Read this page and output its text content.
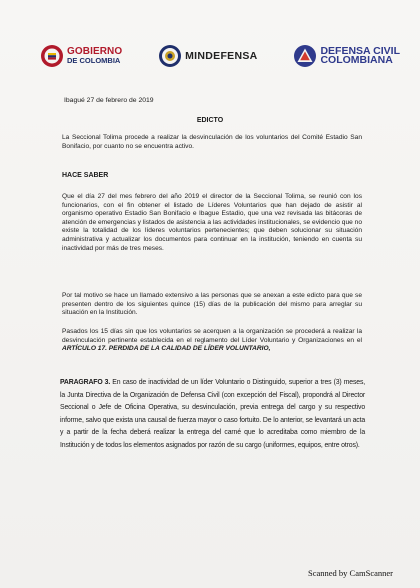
GOBIERNO
DE COLOMBIA	MINDEFENSA	DEFENSA CIVIL
COLOMBIANA
Ibagué 27 de febrero de 2019
EDICTO
La Seccional Tolima procede a realizar la desvinculación de los voluntarios del Comité Estadio San Bonifacio, por cuanto no se encuentra activo.
HACE SABER
Que el día 27 del mes febrero del año 2019 el director de la Seccional Tolima, se reunió con los funcionarios, con el fin obtener el listado de Líderes Voluntarios que han dejado de asistir al organismo operativo Estadio San Bonifacio e Ibague Estadio, que una vez revisada las bitácoras de atención de emergencias y listados de asistencia a las actividades institucionales, se evidencio que no existe la totalidad de los líderes voluntarios pertenecientes; que deben solucionar su situación administrativa y actualizar los documentos para continuar en la institución, teniendo en cuenta su inactividad por más de tres meses.
Por tal motivo se hace un llamado extensivo a las personas que se anexan a este edicto para que se presenten dentro de los siguientes quince (15) días de la publicación del mismo para arreglar su situación en la Institución.
Pasados los 15 días sin que los voluntarios se acerquen a la organización se procederá a realizar la desvinculación pertinente establecida en el reglamento del Líder Voluntario y Organizaciones en el ARTÍCULO 17. PERDIDA DE LA CALIDAD DE LÍDER VOLUNTARIO,
PARAGRAFO 3. En caso de inactividad de un líder Voluntario o Distinguido, superior a tres (3) meses, la Junta Directiva de la Organización de Defensa Civil (con excepción del Fiscal), propondrá al Director Seccional o Jefe de Oficina Operativa, su desvinculación, previa entrega del cargo y su respectivo informe, salvo que exista una causal de fuerza mayor o caso fortuito. De lo anterior, se levantará un acta y a partir de la fecha deberá realizar la entrega del carné que lo acreditaba como miembro de la Institución y de todos los elementos asignados por razón de su cargo (uniformes, equipos, entre otros).
Scanned by CamScanner
